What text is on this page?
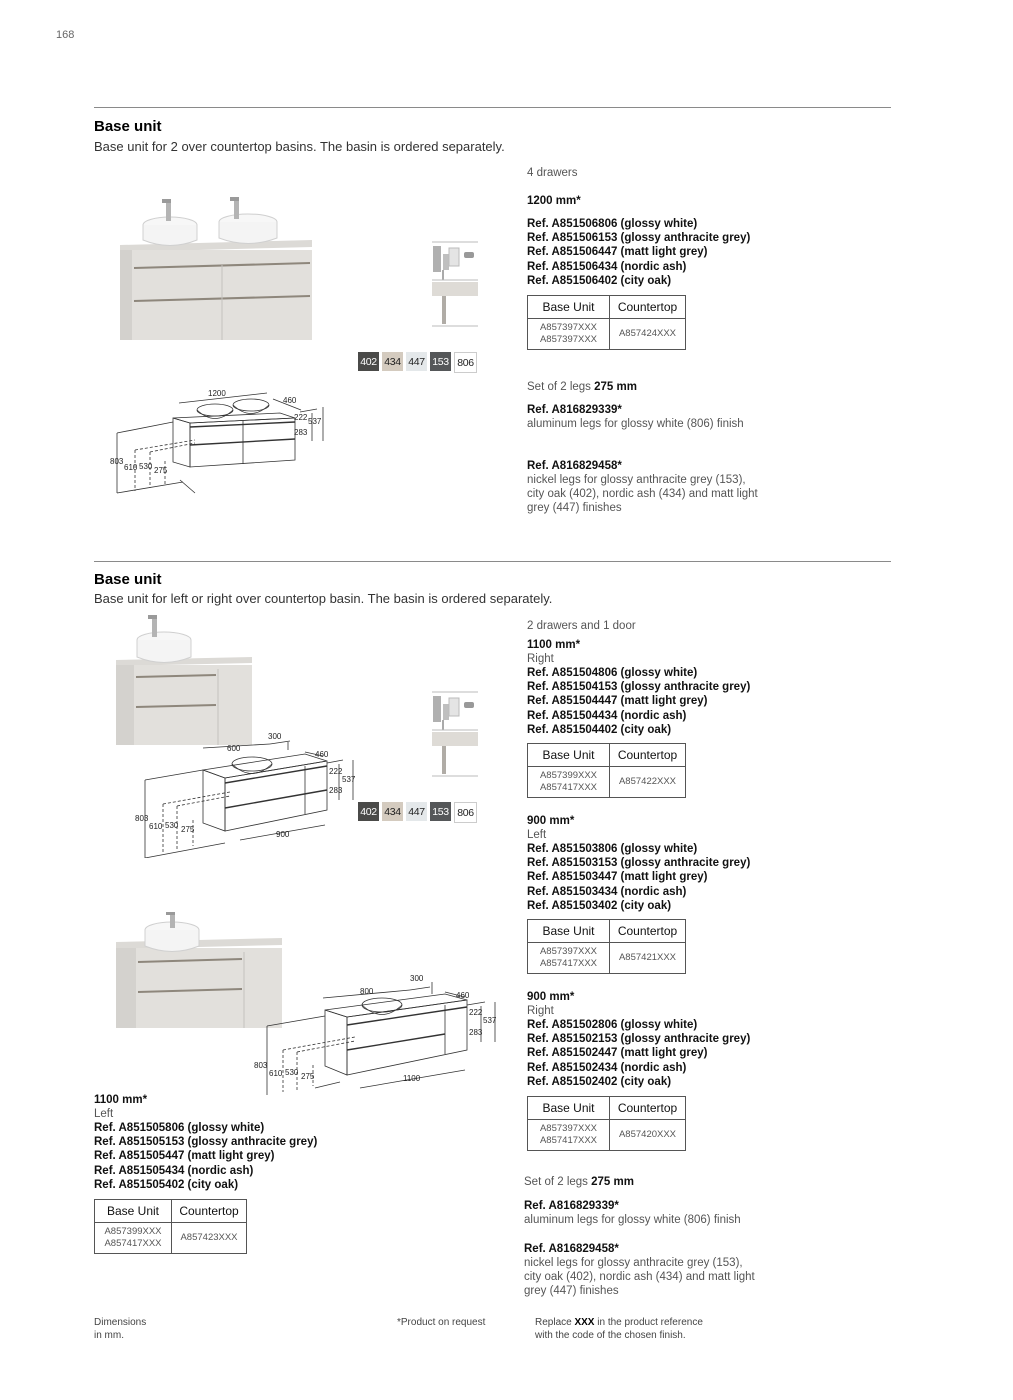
168
Base unit
Base unit for 2 over countertop basins. The basin is ordered separately.
402 434 447 153 806
1200
460
222 537
283
803
610 530 275
4 drawers
1200 mm*
Ref. A851506806 (glossy white)
Ref. A851506153 (glossy anthracite grey)
Ref. A851506447 (matt light grey)
Ref. A851506434 (nordic ash)
Ref. A851506402 (city oak)
Base Unit	Countertop

A857397XXX
A857397XXX	A857424XXX
Set of 2 legs 275 mm
Ref. A816829339*
aluminum legs for glossy white (806) finish
Ref. A816829458*
nickel legs for glossy anthracite grey (153),
city oak (402), nordic ash (434) and matt light
grey (447) finishes
Base unit
Base unit for left or right over countertop basin. The basin is ordered separately.
402 434 447 153 806
600
300
460
222
537
283
803
610 530 275
900
800
300
460
222
537
283
803
610 530 275	1100
2 drawers and 1 door
1100 mm*
Right
Ref. A851504806 (glossy white)
Ref. A851504153 (glossy anthracite grey)
Ref. A851504447 (matt light grey)
Ref. A851504434 (nordic ash)
Ref. A851504402 (city oak)
Base Unit	Countertop

A857399XXX
A857417XXX	A857422XXX
900 mm*
Left
Ref. A851503806 (glossy white)
Ref. A851503153 (glossy anthracite grey)
Ref. A851503447 (matt light grey)
Ref. A851503434 (nordic ash)
Ref. A851503402 (city oak)
Base Unit	Countertop

A857397XXX
A857417XXX	A857421XXX
900 mm*
Right
Ref. A851502806 (glossy white)
Ref. A851502153 (glossy anthracite grey)
Ref. A851502447 (matt light grey)
Ref. A851502434 (nordic ash)
Ref. A851502402 (city oak)
Base Unit	Countertop

A857397XXX
A857417XXX	A857420XXX
1100 mm*
Left
Ref. A851505806 (glossy white)
Ref. A851505153 (glossy anthracite grey)
Ref. A851505447 (matt light grey)
Ref. A851505434 (nordic ash)
Ref. A851505402 (city oak)
Base Unit	Countertop

A857399XXX
A857417XXX	A857423XXX
Set of 2 legs 275 mm
Ref. A816829339*
aluminum legs for glossy white (806) finish
Ref. A816829458*
nickel legs for glossy anthracite grey (153),
city oak (402), nordic ash (434) and matt light
grey (447) finishes
Dimensions
in mm.
*Product on request	Replace XXX in the product reference
with the code of the chosen finish.
